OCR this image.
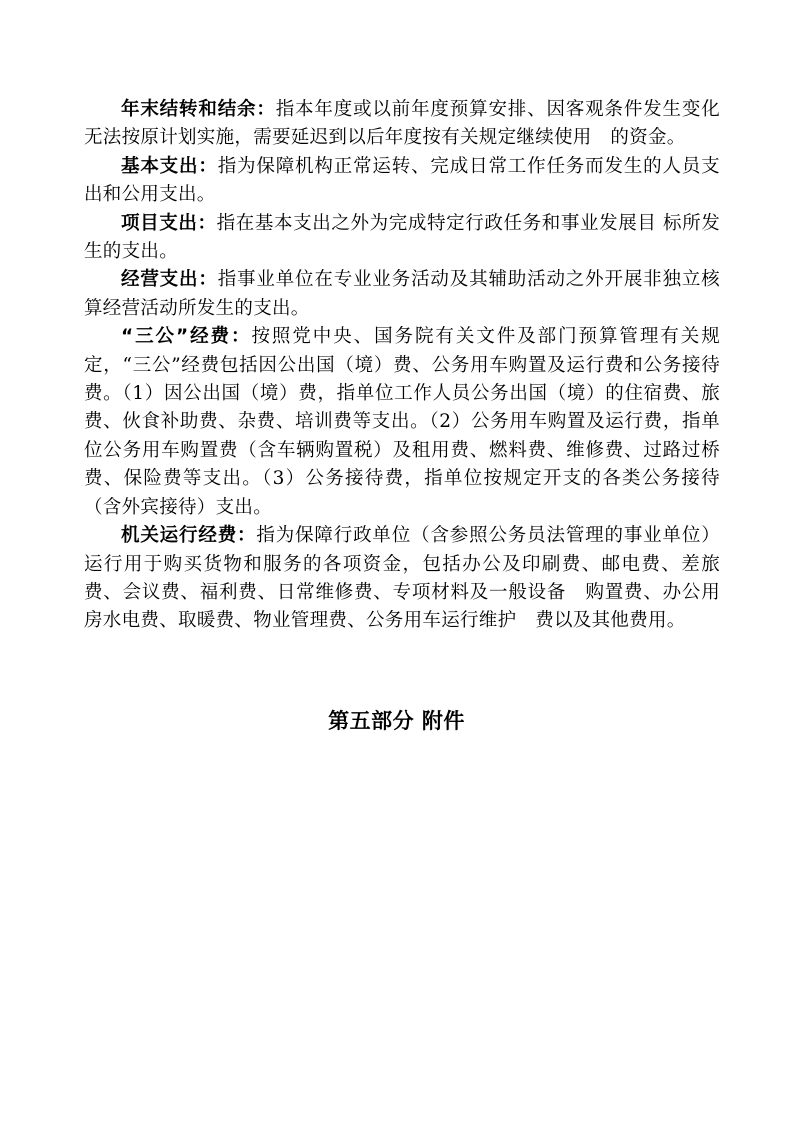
年末结转和结余：指本年度或以前年度预算安排、因客观条件发生变化无法按原计划实施，需要延迟到以后年度按有关规定继续使用　的资金。

基本支出：指为保障机构正常运转、完成日常工作任务而发生的人员支出和公用支出。

项目支出：指在基本支出之外为完成特定行政任务和事业发展目 标所发生的支出。

经营支出：指事业单位在专业业务活动及其辅助活动之外开展非独立核算经营活动所发生的支出。

“三公”经费：按照党中央、国务院有关文件及部门预算管理有关规定，“三公”经费包括因公出国（境）费、公务用车购置及运行费和公务接待费。（1）因公出国（境）费，指单位工作人员公务出国（境）的住宿费、旅费、伙食补助费、杂费、培训费等支出。（2）公务用车购置及运行费，指单位公务用车购置费（含车辆购置税）及租用费、燃料费、维修费、过路过桥费、保险费等支出。（3）公务接待费，指单位按规定开支的各类公务接待（含外宾接待）支出。

机关运行经费：指为保障行政单位（含参照公务员法管理的事业单位）运行用于购买货物和服务的各项资金，包括办公及印刷费、邮电费、差旅费、会议费、福利费、日常维修费、专项材料及一般设备　购置费、办公用房水电费、取暖费、物业管理费、公务用车运行维护　费以及其他费用。

第五部分 附件
